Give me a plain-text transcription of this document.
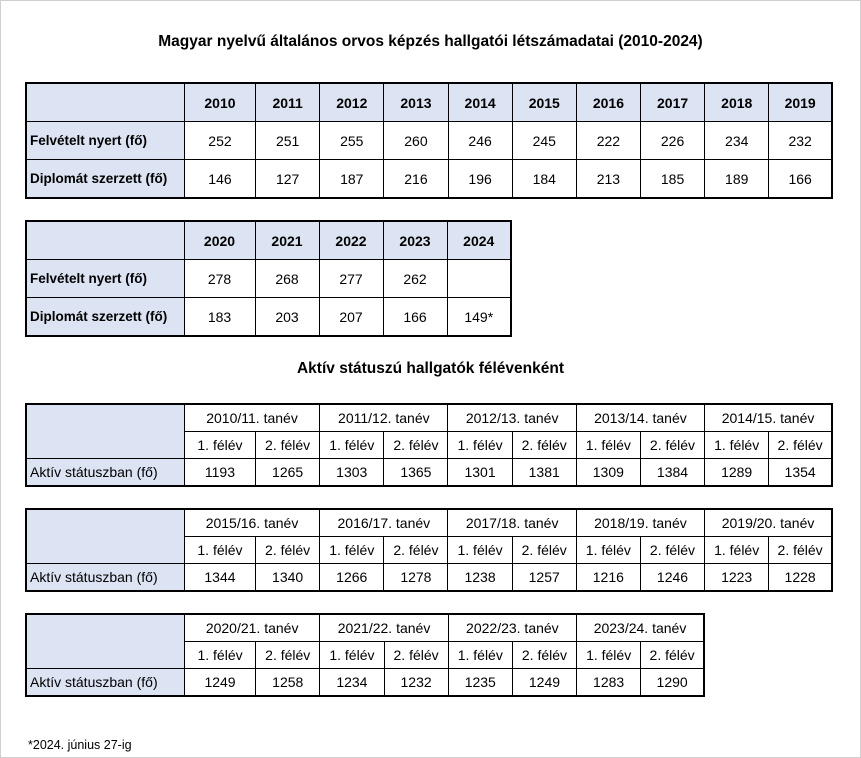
Magyar nyelvű általános orvos képzés hallgatói létszámadatai (2010-2024)
	2010	2011	2012	2013	2014	2015	2016	2017	2018	2019
Felvételt nyert (fő)	252	251	255	260	246	245	222	226	234	232
Diplomát szerzett (fő)	146	127	187	216	196	184	213	185	189	166
	2020	2021	2022	2023	2024
Felvételt nyert (fő)	278	268	277	262	
Diplomát szerzett (fő)	183	203	207	166	149*
Aktív státuszú hallgatók félévenként
	2010/11. tanév		2011/12. tanév		2012/13. tanév		2013/14. tanév		2014/15. tanév	
	1. félév	2. félév	1. félév	2. félév	1. félév	2. félév	1. félév	2. félév	1. félév	2. félév
Aktív státuszban (fő)	1193	1265	1303	1365	1301	1381	1309	1384	1289	1354
	2015/16. tanév		2016/17. tanév		2017/18. tanév		2018/19. tanév		2019/20. tanév	
	1. félév	2. félév	1. félév	2. félév	1. félév	2. félév	1. félév	2. félév	1. félév	2. félév
Aktív státuszban (fő)	1344	1340	1266	1278	1238	1257	1216	1246	1223	1228
	2020/21. tanév		2021/22. tanév		2022/23. tanév		2023/24. tanév	
	1. félév	2. félév	1. félév	2. félév	1. félév	2. félév	1. félév	2. félév
Aktív státuszban (fő)	1249	1258	1234	1232	1235	1249	1283	1290
*2024. június 27-ig
